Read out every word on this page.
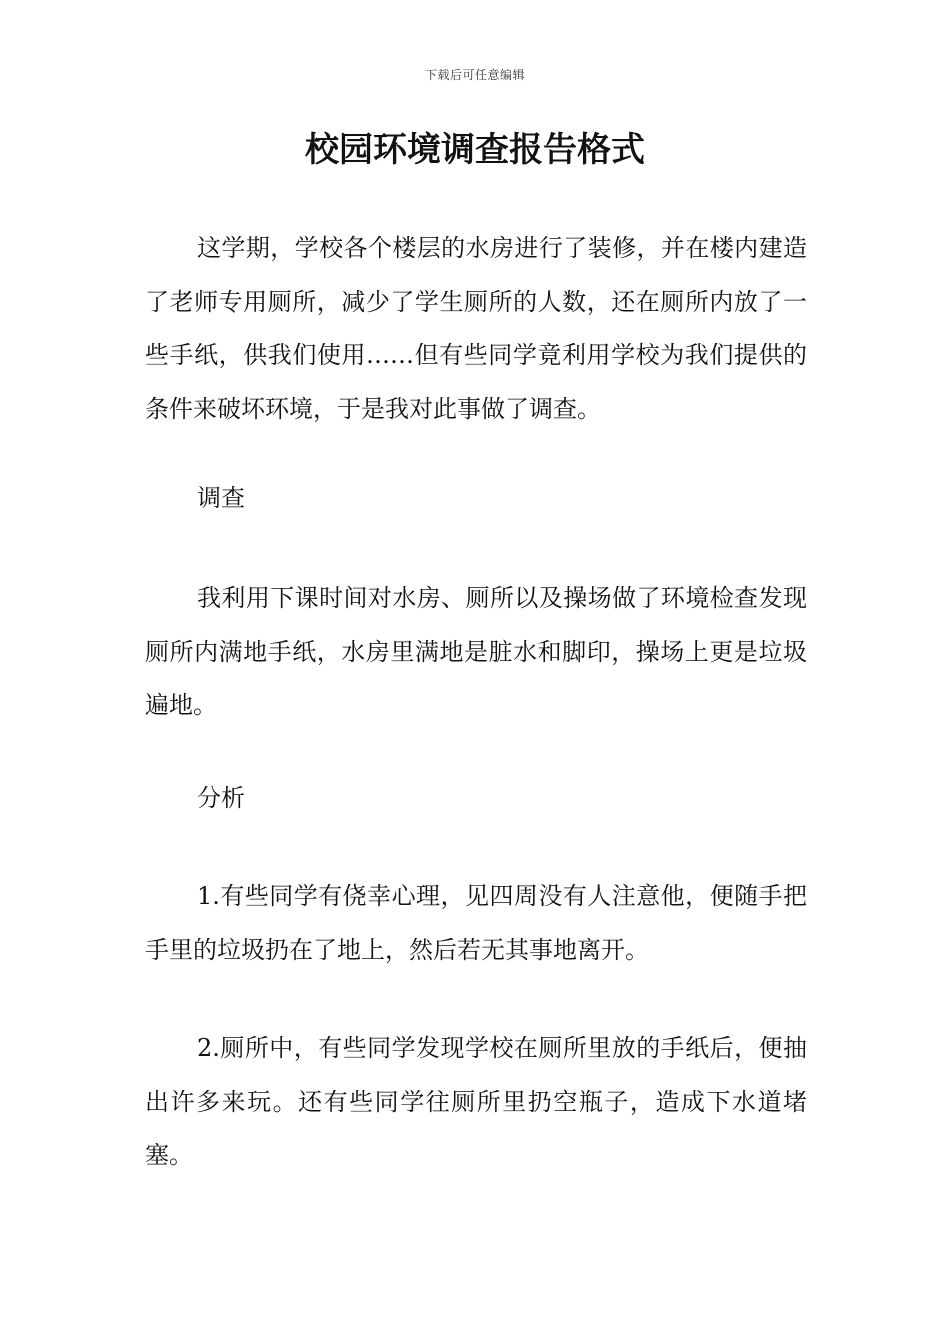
下载后可任意编辑
校园环境调查报告格式

这学期，学校各个楼层的水房进行了装修，并在楼内建造了老师专用厕所，减少了学生厕所的人数，还在厕所内放了一些手纸，供我们使用……但有些同学竟利用学校为我们提供的条件来破坏环境，于是我对此事做了调查。

调查

我利用下课时间对水房、厕所以及操场做了环境检查发现厕所内满地手纸，水房里满地是脏水和脚印，操场上更是垃圾遍地。

分析

1.有些同学有侥幸心理，见四周没有人注意他，便随手把手里的垃圾扔在了地上，然后若无其事地离开。

2.厕所中，有些同学发现学校在厕所里放的手纸后，便抽出许多来玩。还有些同学往厕所里扔空瓶子，造成下水道堵塞。
